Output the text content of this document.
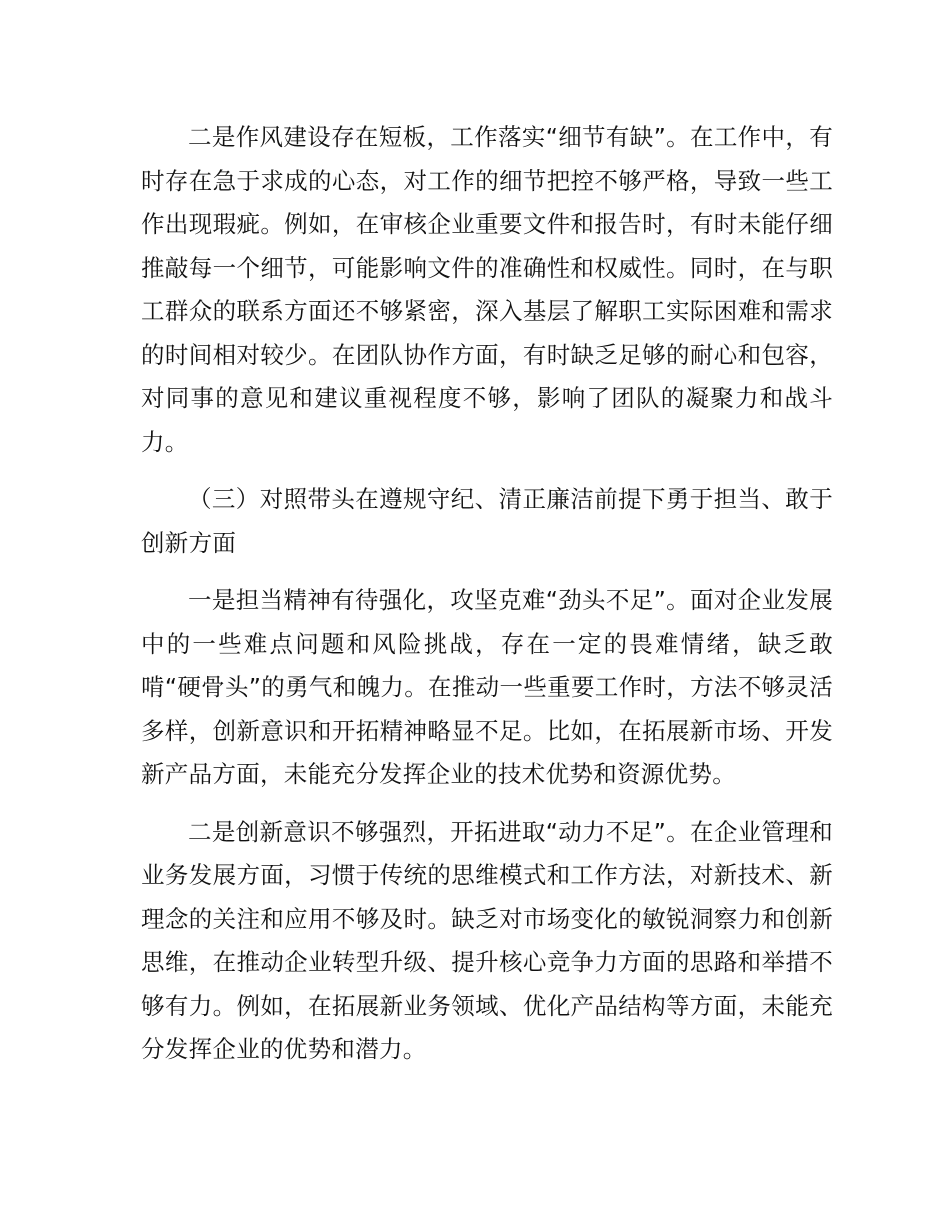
二是作风建设存在短板，工作落实“细节有缺”。在工作中，有时存在急于求成的心态，对工作的细节把控不够严格，导致一些工作出现瑕疵。例如，在审核企业重要文件和报告时，有时未能仔细推敲每一个细节，可能影响文件的准确性和权威性。同时，在与职工群众的联系方面还不够紧密，深入基层了解职工实际困难和需求的时间相对较少。在团队协作方面，有时缺乏足够的耐心和包容，对同事的意见和建议重视程度不够，影响了团队的凝聚力和战斗力。

（三）对照带头在遵规守纪、清正廉洁前提下勇于担当、敢于创新方面

一是担当精神有待强化，攻坚克难“劲头不足”。面对企业发展中的一些难点问题和风险挑战，存在一定的畏难情绪，缺乏敢啃“硬骨头”的勇气和魄力。在推动一些重要工作时，方法不够灵活多样，创新意识和开拓精神略显不足。比如，在拓展新市场、开发新产品方面，未能充分发挥企业的技术优势和资源优势。

二是创新意识不够强烈，开拓进取“动力不足”。在企业管理和业务发展方面，习惯于传统的思维模式和工作方法，对新技术、新理念的关注和应用不够及时。缺乏对市场变化的敏锐洞察力和创新思维，在推动企业转型升级、提升核心竞争力方面的思路和举措不够有力。例如，在拓展新业务领域、优化产品结构等方面，未能充分发挥企业的优势和潜力。
